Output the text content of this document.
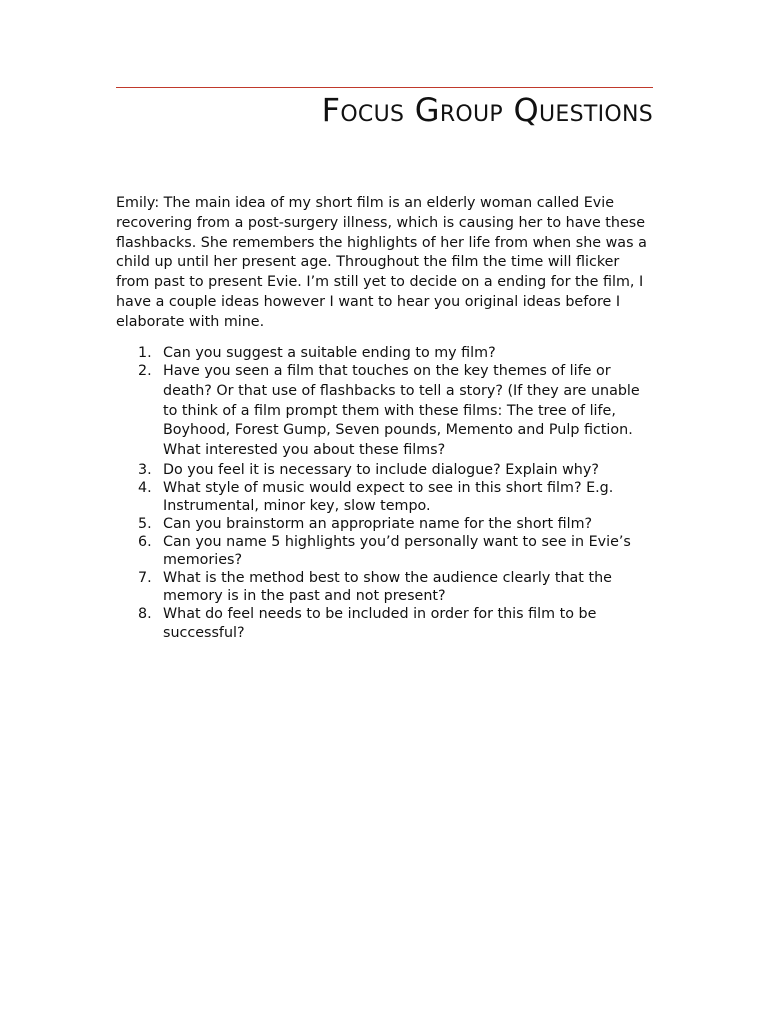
Focus Group Questions

Emily: The main idea of my short film is an elderly woman called Evie recovering from a post-surgery illness, which is causing her to have these flashbacks. She remembers the highlights of her life from when she was a child up until her present age. Throughout the film the time will flicker from past to present Evie. I’m still yet to decide on a ending for the film, I have a couple ideas however I want to hear you original ideas before I elaborate with mine.

1. Can you suggest a suitable ending to my film?
2. Have you seen a film that touches on the key themes of life or death? Or that use of flashbacks to tell a story? (If they are unable to think of a film prompt them with these films: The tree of life, Boyhood, Forest Gump, Seven pounds, Memento and Pulp fiction. What interested you about these films?
3. Do you feel it is necessary to include dialogue? Explain why?
4. What style of music would expect to see in this short film? E.g. Instrumental, minor key, slow tempo.
5. Can you brainstorm an appropriate name for the short film?
6. Can you name 5 highlights you’d personally want to see in Evie’s memories?
7. What is the method best to show the audience clearly that the memory is in the past and not present?
8. What do feel needs to be included in order for this film to be successful?
